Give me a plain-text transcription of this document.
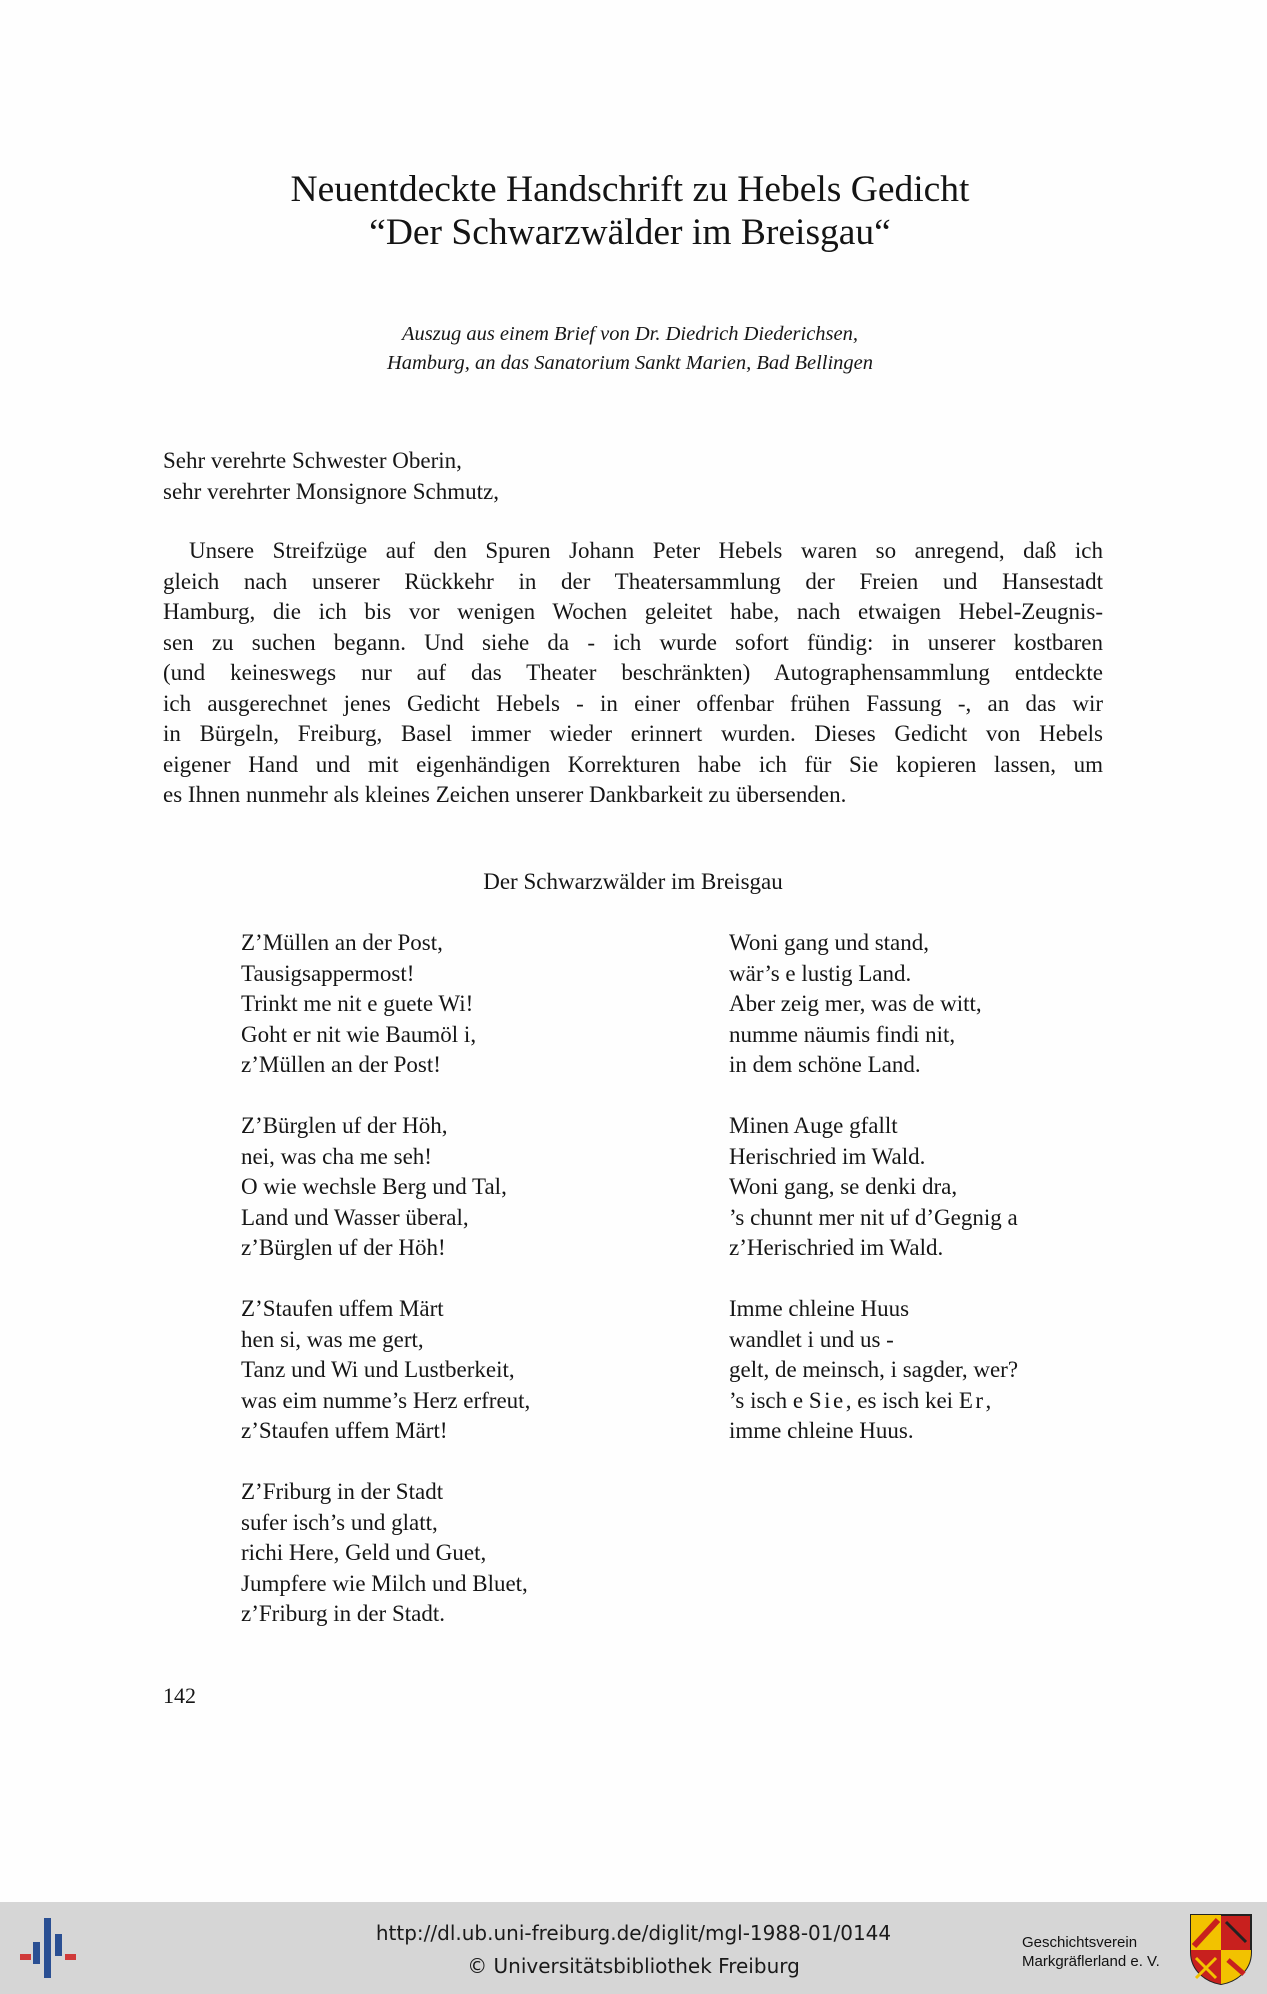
Neuentdeckte Handschrift zu Hebels Gedicht
“Der Schwarzwälder im Breisgau“
Auszug aus einem Brief von Dr. Diedrich Diederichsen,
Hamburg, an das Sanatorium Sankt Marien, Bad Bellingen
Sehr verehrte Schwester Oberin,
sehr verehrter Monsignore Schmutz,
Unsere Streifzüge auf den Spuren Johann Peter Hebels waren so anregend, daß ich
gleich nach unserer Rückkehr in der Theatersammlung der Freien und Hansestadt
Hamburg, die ich bis vor wenigen Wochen geleitet habe, nach etwaigen Hebel-Zeugnis-
sen zu suchen begann. Und siehe da - ich wurde sofort fündig: in unserer kostbaren
(und keineswegs nur auf das Theater beschränkten) Autographensammlung entdeckte
ich ausgerechnet jenes Gedicht Hebels - in einer offenbar frühen Fassung -, an das wir
in Bürgeln, Freiburg, Basel immer wieder erinnert wurden. Dieses Gedicht von Hebels
eigener Hand und mit eigenhändigen Korrekturen habe ich für Sie kopieren lassen, um
es Ihnen nunmehr als kleines Zeichen unserer Dankbarkeit zu übersenden.
Der Schwarzwälder im Breisgau
Z’Müllen an der Post,
Tausigsappermost!
Trinkt me nit e guete Wi!
Goht er nit wie Baumöl i,
z’Müllen an der Post!
Z’Bürglen uf der Höh,
nei, was cha me seh!
O wie wechsle Berg und Tal,
Land und Wasser überal,
z’Bürglen uf der Höh!
Z’Staufen uffem Märt
hen si, was me gert,
Tanz und Wi und Lustberkeit,
was eim numme’s Herz erfreut,
z’Staufen uffem Märt!
Z’Friburg in der Stadt
sufer isch’s und glatt,
richi Here, Geld und Guet,
Jumpfere wie Milch und Bluet,
z’Friburg in der Stadt.
Woni gang und stand,
wär’s e lustig Land.
Aber zeig mer, was de witt,
numme näumis findi nit,
in dem schöne Land.
Minen Auge gfallt
Herischried im Wald.
Woni gang, se denki dra,
’s chunnt mer nit uf d’Gegnig a
z’Herischried im Wald.
Imme chleine Huus
wandlet i und us -
gelt, de meinsch, i sagder, wer?
’s isch e Sie, es isch kei Er,
imme chleine Huus.
142
http://dl.ub.uni-freiburg.de/diglit/mgl-1988-01/0144
© Universitätsbibliothek Freiburg
Geschichtsverein
Markgräflerland e. V.
